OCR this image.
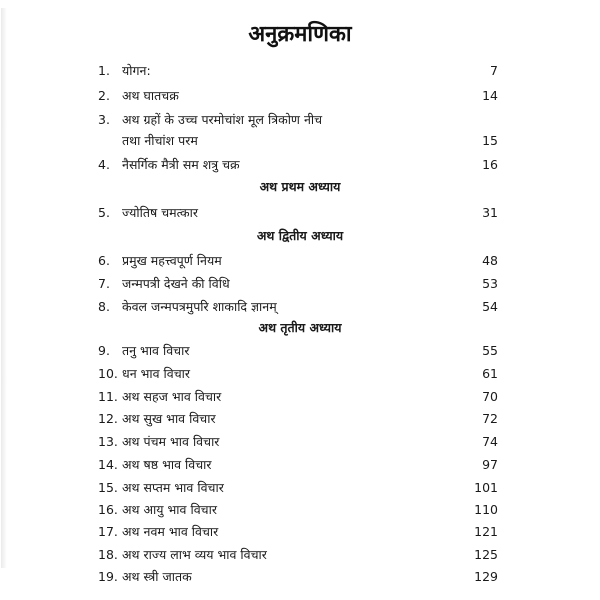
अनुक्रमणिका
1. योगन:	7
2. अथ घातचक्र	14
3. अथ ग्रहों के उच्च परमोचांश मूल त्रिकोण नीच
तथा नीचांश परम	15
4. नैसर्गिक मैत्री सम शत्रु चक्र	16
अथ प्रथम अध्याय
5. ज्योतिष चमत्कार	31
अथ द्वितीय अध्याय
6. प्रमुख महत्त्वपूर्ण नियम	48
7. जन्मपत्री देखने की विधि	53
8. केवल जन्मपत्रमुपरि शाकादि ज्ञानम्	54
अथ तृतीय अध्याय
9. तनु भाव विचार	55
10. धन भाव विचार	61
11. अथ सहज भाव विचार	70
12. अथ सुख भाव विचार	72
13. अथ पंचम भाव विचार	74
14. अथ षष्ठ भाव विचार	97
15. अथ सप्तम भाव विचार	101
16. अथ आयु भाव विचार	110
17. अथ नवम भाव विचार	121
18. अथ राज्य लाभ व्यय भाव विचार	125
19. अथ स्त्री जातक	129
